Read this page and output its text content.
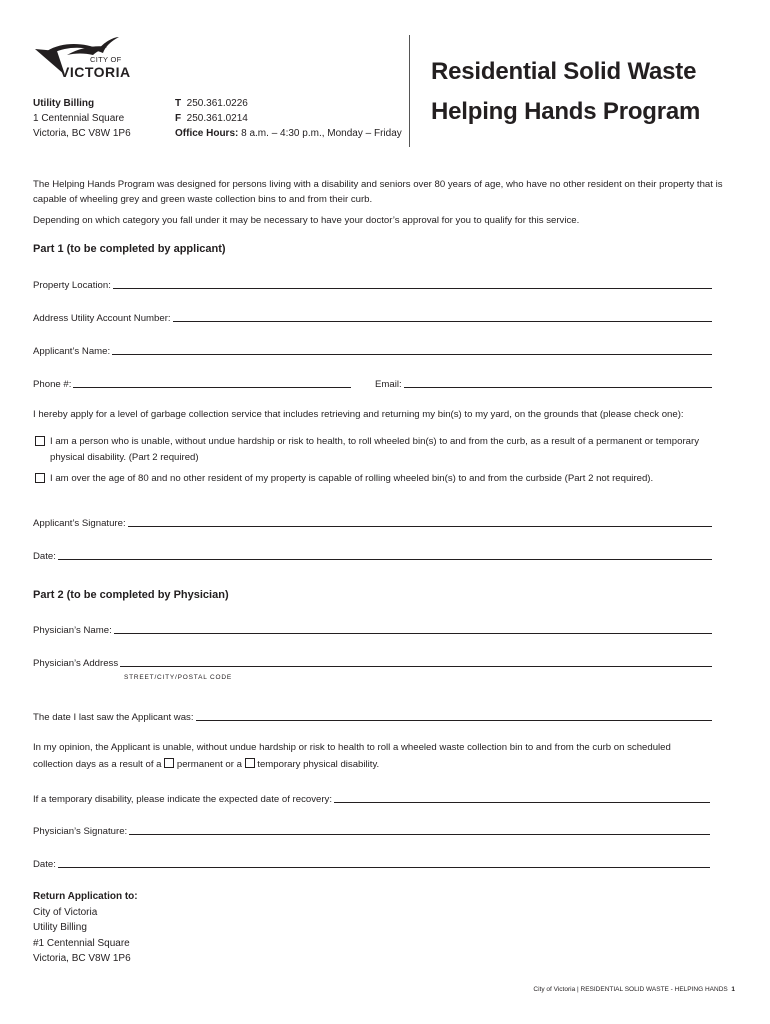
CITY OF
VICTORIA
Utility Billing
1 Centennial Square
Victoria, BC V8W 1P6
T 250.361.0226
F 250.361.0214
Office Hours: 8 a.m. – 4:30 p.m., Monday – Friday
Residential Solid Waste
Helping Hands Program
The Helping Hands Program was designed for persons living with a disability and seniors over 80 years of age, who have no other resident on their property that is capable of wheeling grey and green waste collection bins to and from their curb.
Depending on which category you fall under it may be necessary to have your doctor’s approval for you to qualify for this service.
Part 1 (to be completed by applicant)
Property Location:
Address Utility Account Number:
Applicant’s Name:
Phone #:	Email:
I hereby apply for a level of garbage collection service that includes retrieving and returning my bin(s) to my yard, on the grounds that (please check one):
I am a person who is unable, without undue hardship or risk to health, to roll wheeled bin(s) to and from the curb, as a result of a permanent or temporary physical disability. (Part 2 required)
I am over the age of 80 and no other resident of my property is capable of rolling wheeled bin(s) to and from the curbside (Part 2 not required).
Applicant’s Signature:
Date:
Part 2 (to be completed by Physician)
Physician’s Name:
Physician’s Address
STREET/CITY/POSTAL CODE
The date I last saw the Applicant was:
In my opinion, the Applicant is unable, without undue hardship or risk to health to roll a wheeled waste collection bin to and from the curb on scheduled
collection days as a result of a permanent or a temporary physical disability.
If a temporary disability, please indicate the expected date of recovery:
Physician’s Signature:
Date:
Return Application to:
City of Victoria
Utility Billing
#1 Centennial Square
Victoria, BC V8W 1P6
City of Victoria | RESIDENTIAL SOLID WASTE - HELPING HANDS 1
